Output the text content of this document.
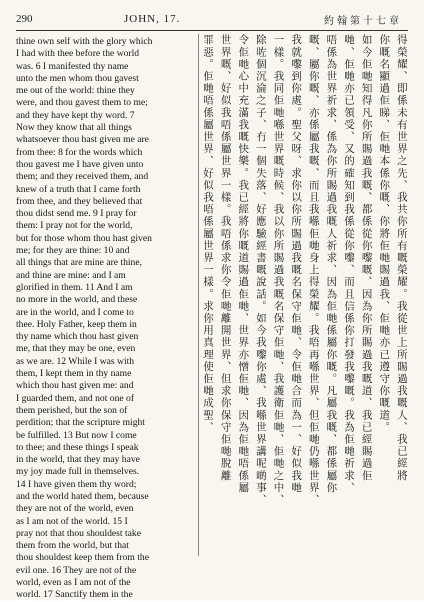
290	JOHN, 17.	約翰第十七章
thine own self with the glory which
I had with thee before the world
was. 6 I manifested thy name
unto the men whom thou gavest
me out of the world: thine they
were, and thou gavest them to me;
and they have kept thy word. 7
Now they know that all things
whatsoever thou hast given me are
from thee: 8 for the words which
thou gavest me I have given unto
them; and they received them, and
knew of a truth that I came forth
from thee, and they believed that
thou didst send me. 9 I pray for
them: I pray not for the world,
but for those whom thou hast given
me; for they are thine: 10 and
all things that are mine are thine,
and thine are mine: and I am
glorified in them. 11 And I am
no more in the world, and these
are in the world, and I come to
thee. Holy Father, keep them in
thy name which thou hast given
me, that they may be one, even
as we are. 12 While I was with
them, I kept them in thy name
which thou hast given me: and
I guarded them, and not one of
them perished, but the son of
perdition; that the scripture might
be fulfilled. 13 But now I come
to thee; and these things I speak
in the world, that they may have
my joy made full in themselves.
14 I have given them thy word;
and the world hated them, because
they are not of the world, even
as I am not of the world. 15 I
pray not that thou shouldest take
them from the world, but that
thou shouldest keep them from the
evil one. 16 They are not of the
world, even as I am not of the
world. 17 Sanctify them in the
得榮耀、即係未有世界之先、我共你所有嘅榮耀。我從世上所賜過我嘅人、我已經將
你嘅名顯過佢睇、佢哋本係你嘅、你將佢哋賜過我、佢哋亦已遵守你嘅道。
如今佢哋知得凡你所賜過我嘅、都係從你嚟嘅、因為你所賜過我嘅道、我已經賜過佢
哋、佢哋亦已領受、又的確知到我係從你嚟、而且信係你打發我嚟嘅。我為佢哋祈求、
唔係為世界祈求、係為你所賜過我嘅人祈求、因為佢哋係屬你嘅。凡屬我嘅、都係屬你
嘅、屬你嘅、亦係屬我嘅、而且我喺佢哋身上得榮耀。我唔再喺世界、但佢哋仍喺世界、
我就嚟到你處。聖父呀、求你以你所賜過我嘅名保守佢哋、令佢哋合而為一、好似我哋
一樣。我同佢哋喺世界嘅時候、我以你所賜過我嘅名保守佢哋、我護衛佢哋、佢哋之中、
除咗個沉淪之子、冇一個失落、好應驗經書嘅說話。如今我嚟你處、我喺世界講呢啲事、
令佢哋心中充滿我嘅快樂。我已經將你嘅道賜過佢哋、世界亦憎佢哋、因為佢哋唔係屬
世界嘅、好似我唔係屬世界一樣。我唔係求你令佢哋離開世界、但求你保守佢哋脫離
罪惡。佢哋唔係屬世界、好似我唔係屬世界一樣。求你用真理使佢哋成聖、
